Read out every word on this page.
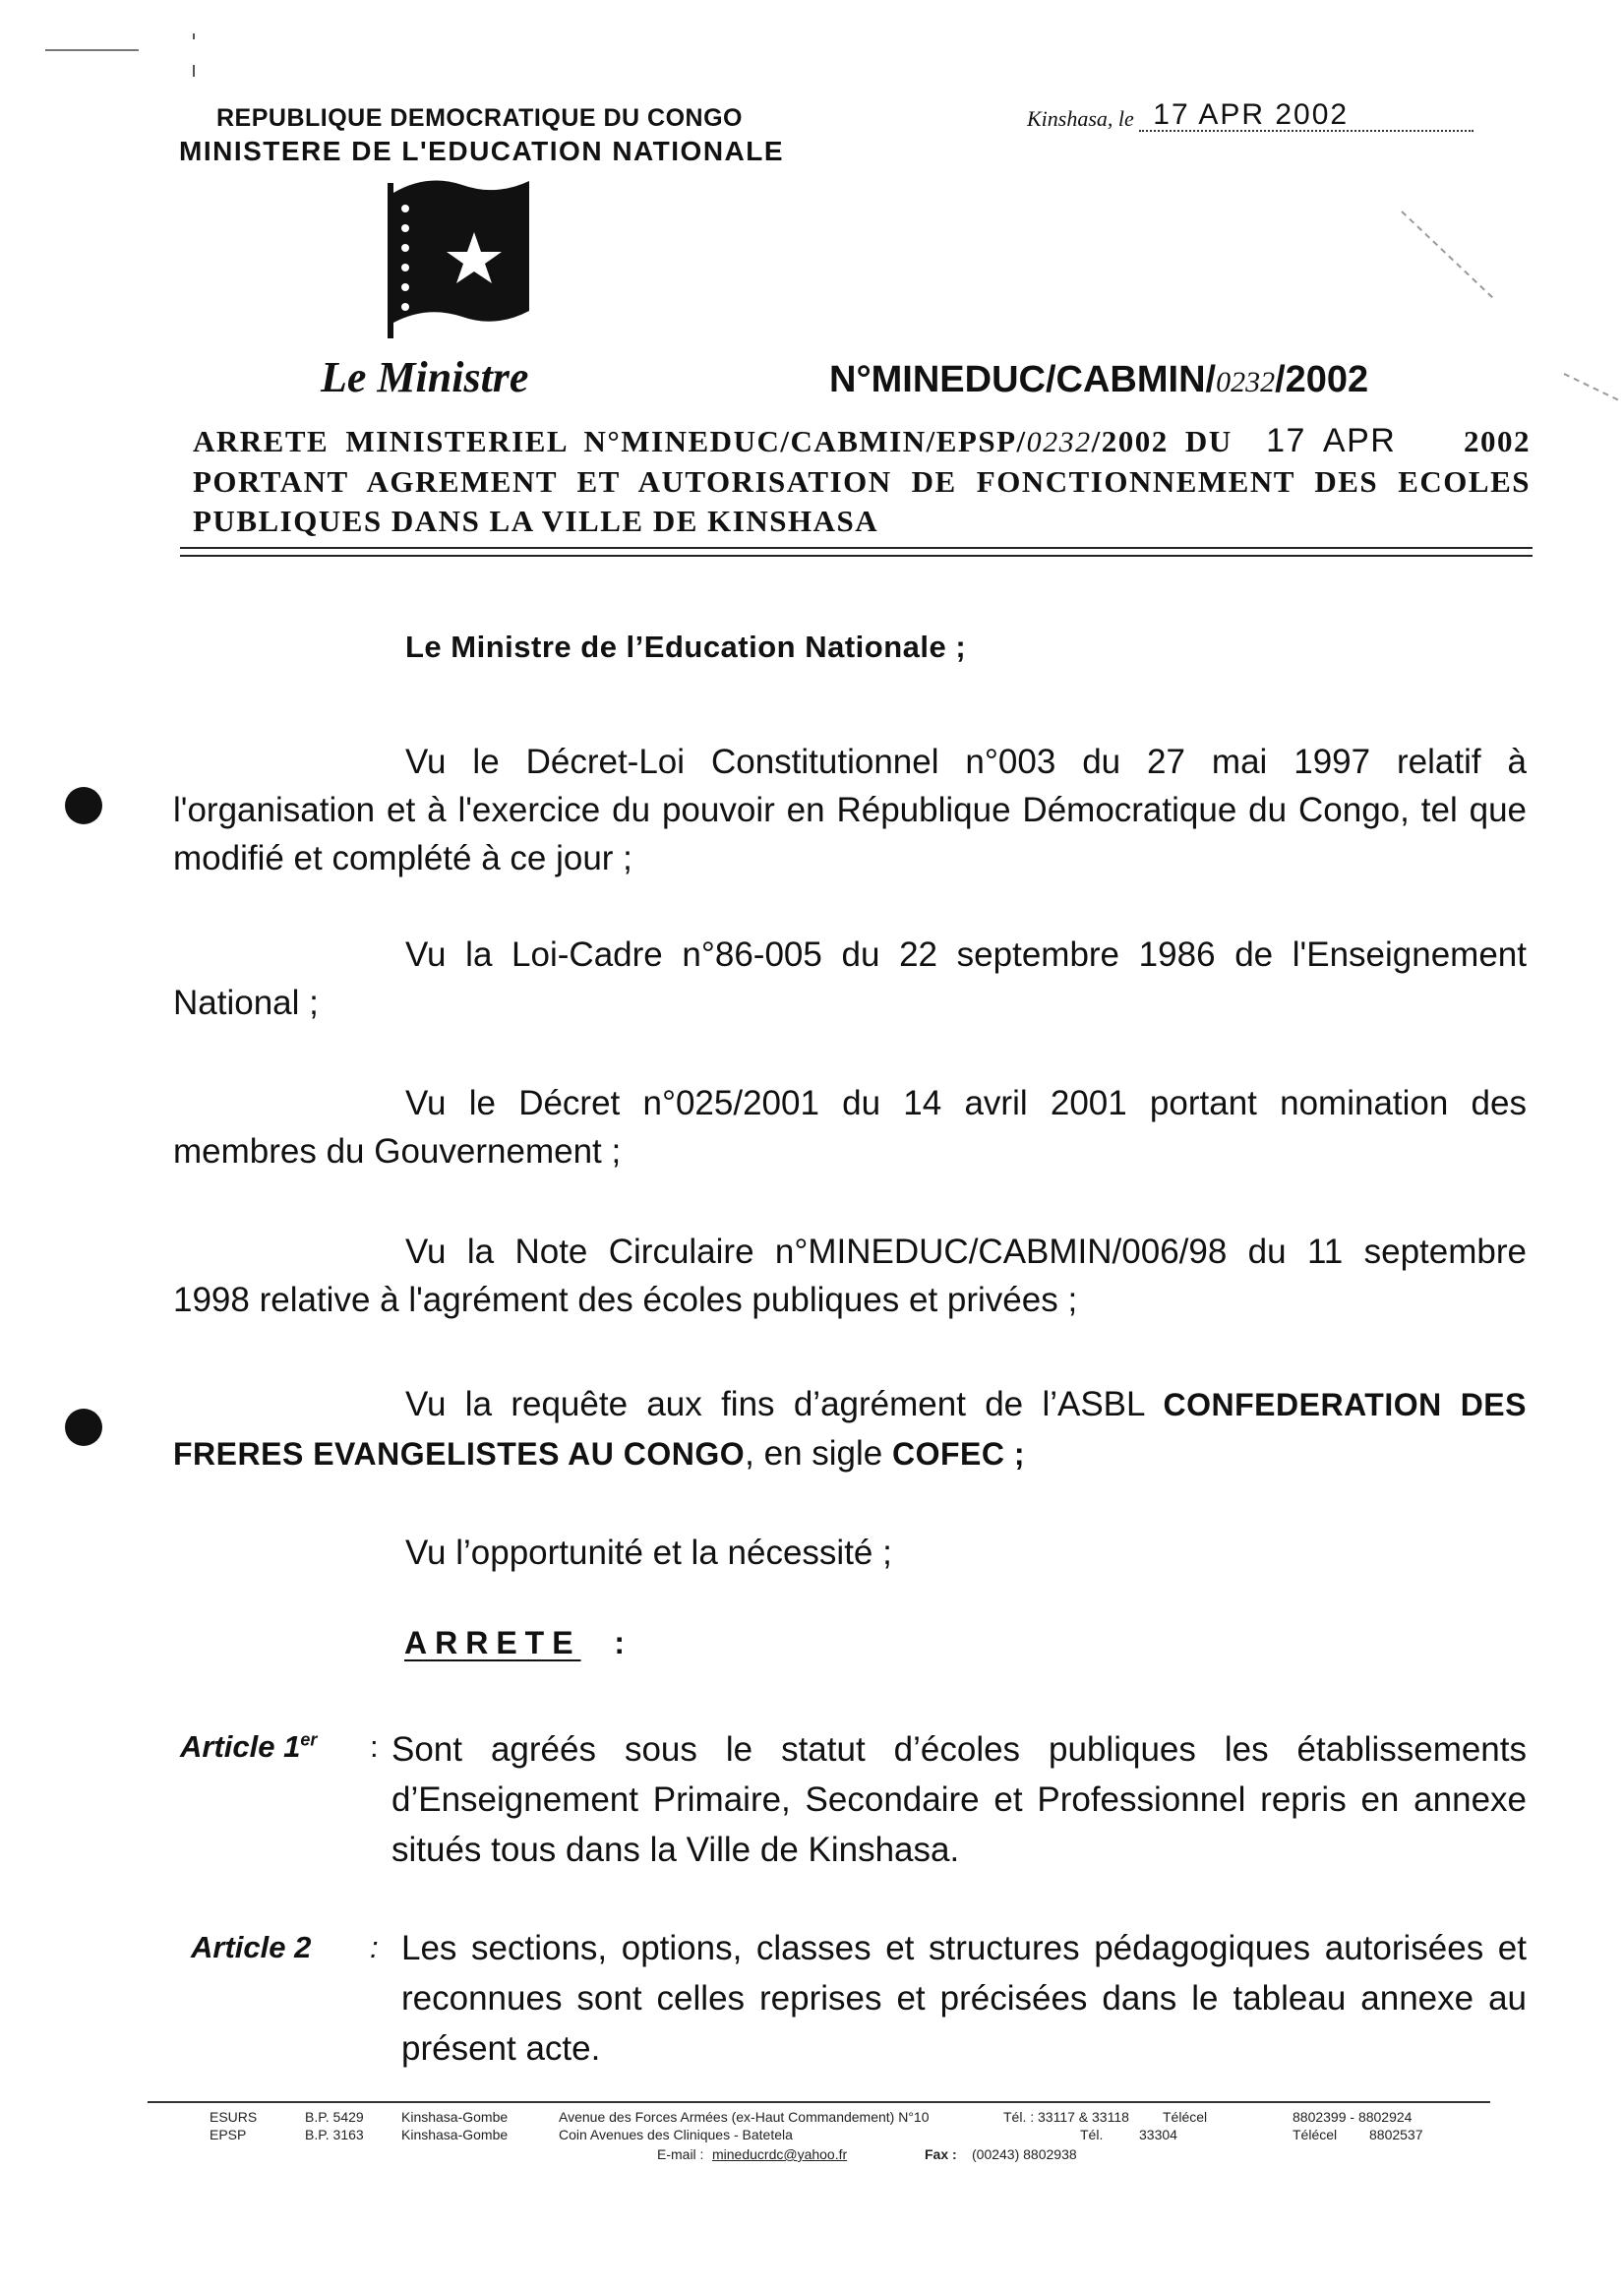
REPUBLIQUE DEMOCRATIQUE DU CONGO
MINISTERE DE L'EDUCATION NATIONALE
Kinshasa, le 17 APR 2002
Le Ministre	N°MINEDUC/CABMIN/0232/2002
ARRETE MINISTERIEL N°MINEDUC/CABMIN/EPSP/0232/2002 DU 17 APR 2002
PORTANT AGREMENT ET AUTORISATION DE FONCTIONNEMENT DES ECOLES
PUBLIQUES DANS LA VILLE DE KINSHASA
Le Ministre de l’Education Nationale ;
Vu le Décret-Loi Constitutionnel n°003 du 27 mai 1997 relatif à l'organisation et à l'exercice du pouvoir en République Démocratique du Congo, tel que modifié et complété à ce jour ;
Vu la Loi-Cadre n°86-005 du 22 septembre 1986 de l'Enseignement National ;
Vu le Décret n°025/2001 du 14 avril 2001 portant nomination des membres du Gouvernement ;
Vu la Note Circulaire n°MINEDUC/CABMIN/006/98 du 11 septembre 1998 relative à l'agrément des écoles publiques et privées ;
Vu la requête aux fins d’agrément de l’ASBL CONFEDERATION DES FRERES EVANGELISTES AU CONGO, en sigle COFEC ;
Vu l’opportunité et la nécessité ;
ARRETE :
Article 1er : Sont agréés sous le statut d’écoles publiques les établissements d’Enseignement Primaire, Secondaire et Professionnel repris en annexe situés tous dans la Ville de Kinshasa.
Article 2 : Les sections, options, classes et structures pédagogiques autorisées et reconnues sont celles reprises et précisées dans le tableau annexe au présent acte.
ESURS	B.P. 5429	Kinshasa-Gombe	Avenue des Forces Armées (ex-Haut Commandement) N°10	Tél. : 33117 & 33118 Télécel	8802399 - 8802924
EPSP	B.P. 3163	Kinshasa-Gombe	Coin Avenues des Cliniques - Batetela	Tél.	33304	Télécel 8802537
E-mail : mineducrdc@yahoo.fr	Fax : (00243) 8802938
